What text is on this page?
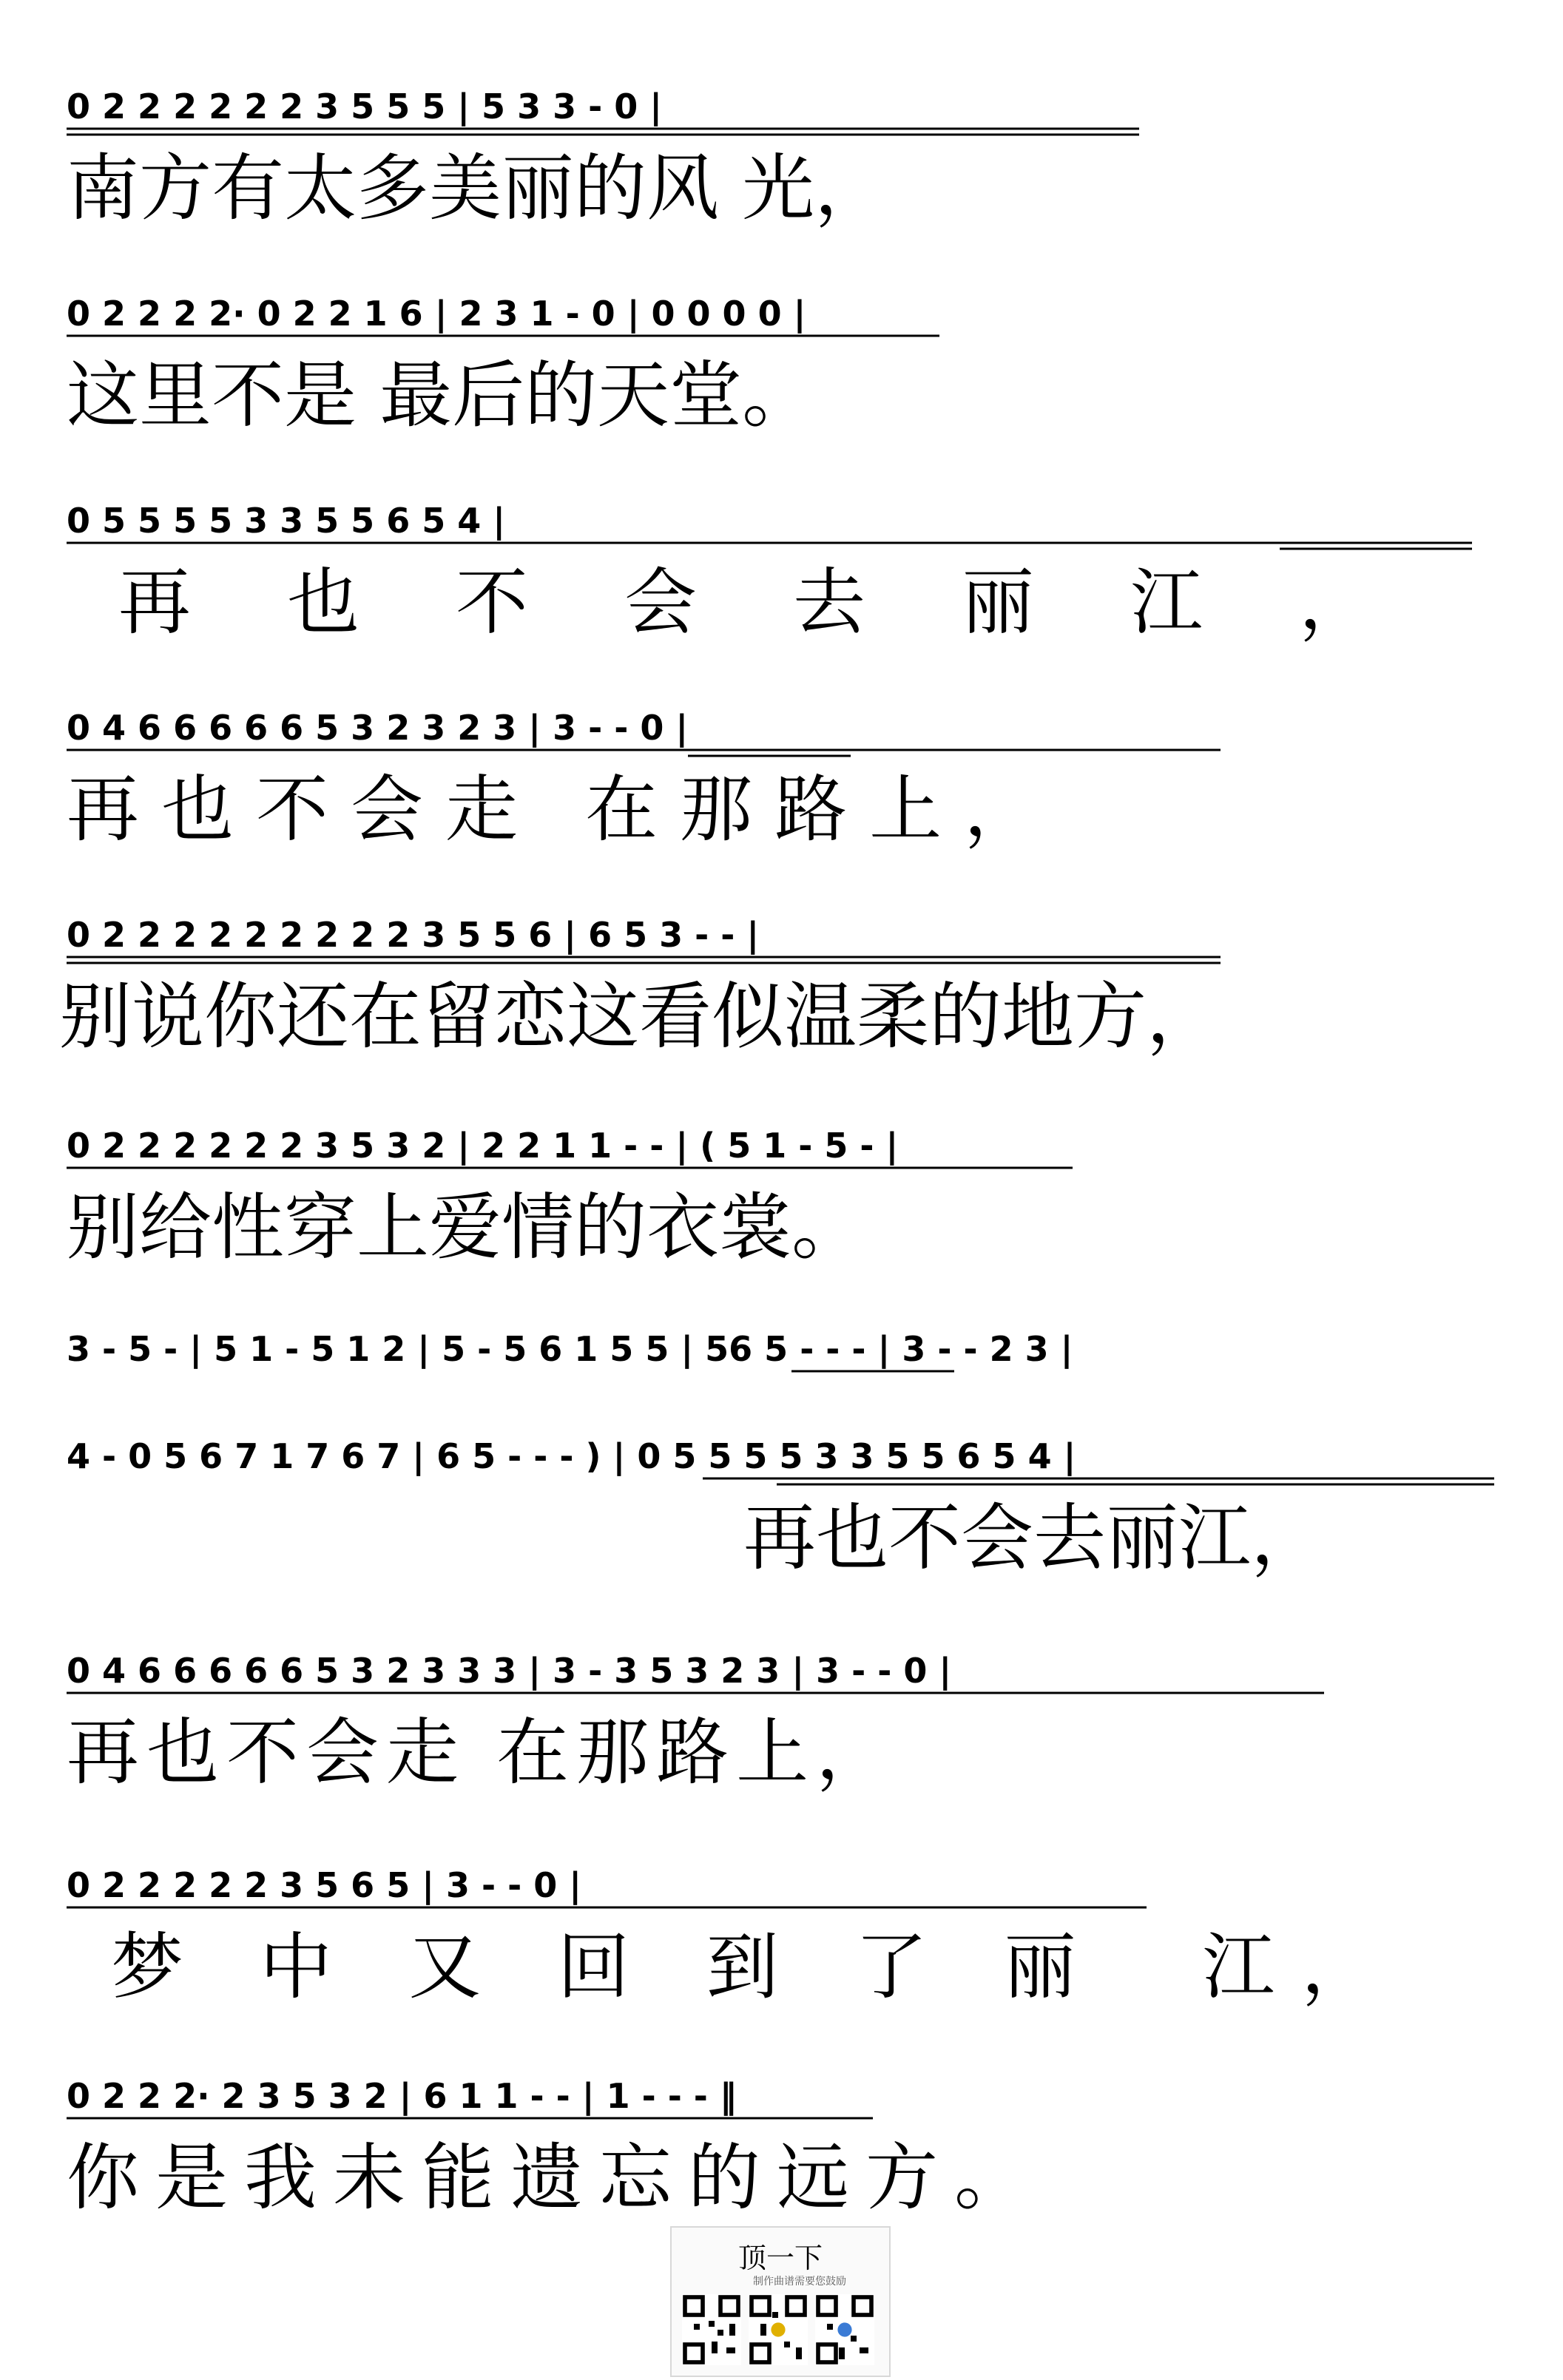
0 2 2 2 2 2 2 3 5 5 5 | 5 3 3 - 0 |
南方有太多美丽的风 光，
0 2 2 2 2· 0 2 2 1 6 | 2 3 1 - 0 | 0 0 0 0 |
这里不是 最后的天堂。
0 5 5 5 5 3 3 5 5 6 5 4 |
再也不会去丽江，
0 4 6 6 6 6 6 5 3 2 3 2 3 | 3 - - 0 |
再也不会走 在那路上，
0 2 2 2 2 2 2 2 2 2 3 5 5 6 | 6 5 3 - - |
别说你还在留恋这看似温柔的地方，
0 2 2 2 2 2 2 3 5 3 2 | 2 2 1 1 - - | ( 5 1 - 5 - |
别给性穿上爱情的衣裳。
3 - 5 - | 5 1 - 5 1 2 | 5 - 5 6 1 5 5 | 56 5 - - - | 3 - - 2 3 |
4 - 0 5 6 7 1 7 6 7 | 6 5 - - - ) | 0 5 5 5 5 3 3 5 5 6 5 4 |
再也不会去丽江，
0 4 6 6 6 6 6 5 3 2 3 3 3 | 3 - 3 5 3 2 3 | 3 - - 0 |
再也不会走 在那路上，
0 2 2 2 2 2 3 5 6 5 | 3 - - 0 |
梦 中 又 回 到 了 丽  江，
0 2 2 2· 2 3 5 3 2 | 6 1 1 - - | 1 - - - ‖
你是我未能遗忘的远方。
顶一下
制作曲谱需要您鼓励
